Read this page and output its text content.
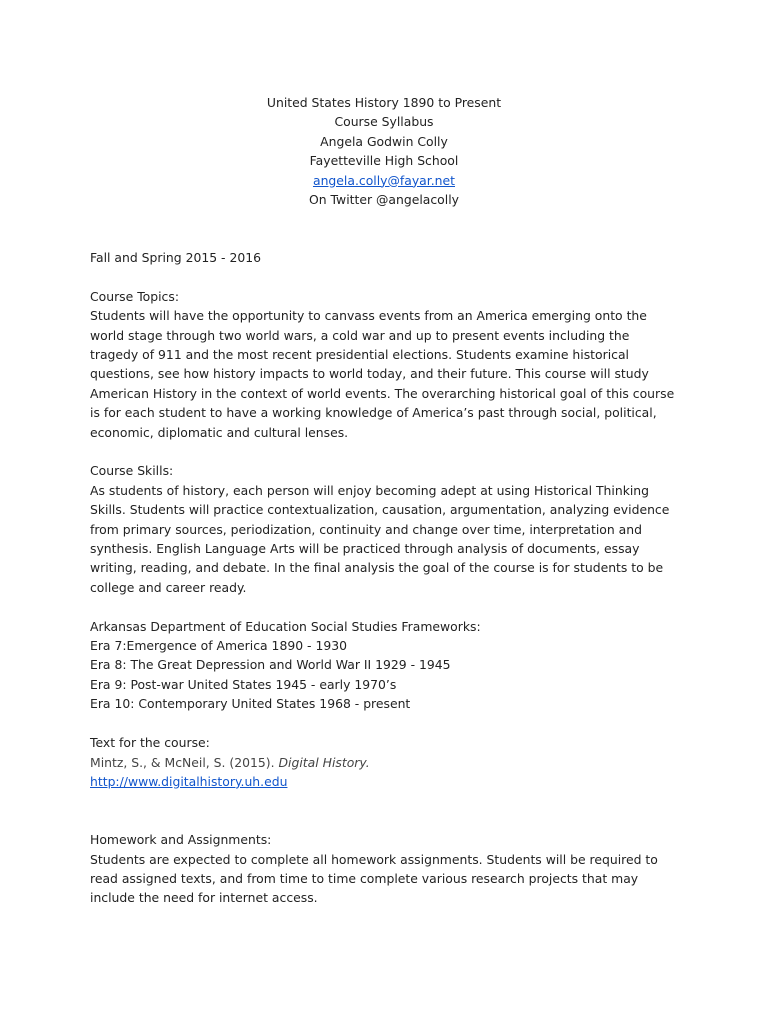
United States History 1890 to Present
Course Syllabus
Angela Godwin Colly
Fayetteville High School
angela.colly@fayar.net
On Twitter @angelacolly
Fall and Spring 2015 - 2016
Course Topics:
Students will have the opportunity to canvass events from an America emerging onto the
world stage through two world wars, a cold war and up to present events including the
tragedy of 911 and the most recent presidential elections. Students examine historical
questions, see how history impacts to world today, and their future. This course will study
American History in the context of world events. The overarching historical goal of this course
is for each student to have a working knowledge of America’s past through social, political,
economic, diplomatic and cultural lenses.
Course Skills:
As students of history, each person will enjoy becoming adept at using Historical Thinking
Skills. Students will practice contextualization, causation, argumentation, analyzing evidence
from primary sources, periodization, continuity and change over time, interpretation and
synthesis. English Language Arts will be practiced through analysis of documents, essay
writing, reading, and debate. In the final analysis the goal of the course is for students to be
college and career ready.
Arkansas Department of Education Social Studies Frameworks:
Era 7:Emergence of America 1890 - 1930
Era 8: The Great Depression and World War II 1929 - 1945
Era 9: Post-war United States 1945 - early 1970’s
Era 10: Contemporary United States 1968 - present
Text for the course:
Mintz, S., & McNeil, S. (2015). Digital History.
http://www.digitalhistory.uh.edu
Homework and Assignments:
Students are expected to complete all homework assignments. Students will be required to
read assigned texts, and from time to time complete various research projects that may
include the need for internet access.
